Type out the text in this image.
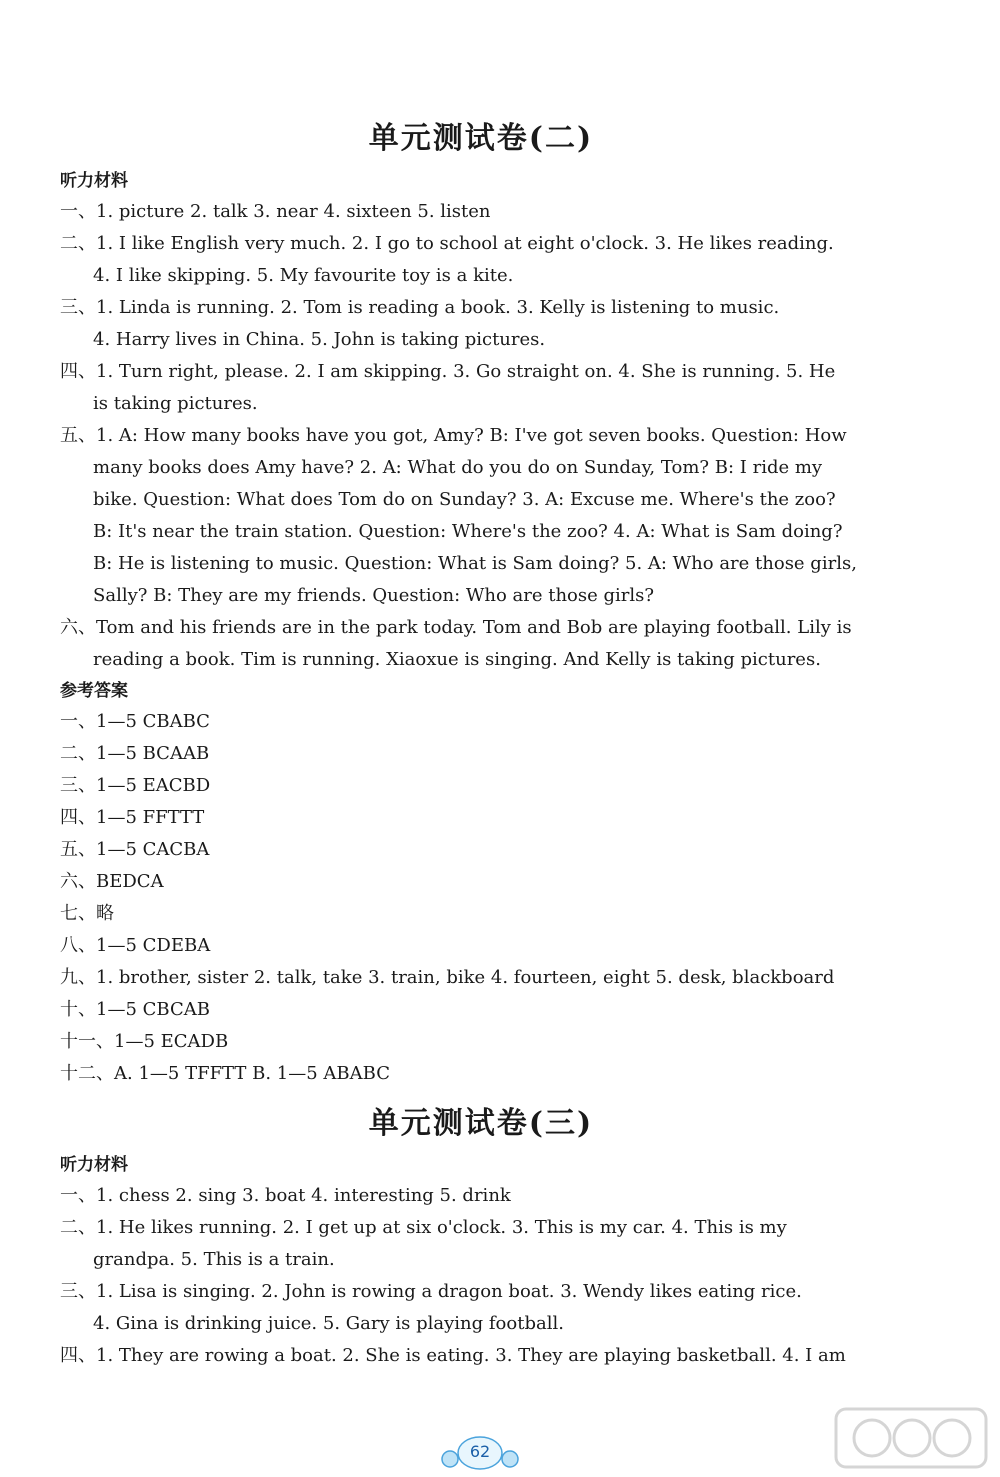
单元测试卷(二)
听力材料
一、1. picture 2. talk 3. near 4. sixteen 5. listen
二、1. I like English very much. 2. I go to school at eight o'clock. 3. He likes reading.
4. I like skipping. 5. My favourite toy is a kite.
三、1. Linda is running. 2. Tom is reading a book. 3. Kelly is listening to music.
4. Harry lives in China. 5. John is taking pictures.
四、1. Turn right, please. 2. I am skipping. 3. Go straight on. 4. She is running. 5. He
is taking pictures.
五、1. A: How many books have you got, Amy? B: I've got seven books. Question: How
many books does Amy have? 2. A: What do you do on Sunday, Tom? B: I ride my
bike. Question: What does Tom do on Sunday? 3. A: Excuse me. Where's the zoo?
B: It's near the train station. Question: Where's the zoo? 4. A: What is Sam doing?
B: He is listening to music. Question: What is Sam doing? 5. A: Who are those girls,
Sally? B: They are my friends. Question: Who are those girls?
六、Tom and his friends are in the park today. Tom and Bob are playing football. Lily is
reading a book. Tim is running. Xiaoxue is singing. And Kelly is taking pictures.
参考答案
一、1—5 CBABC
二、1—5 BCAAB
三、1—5 EACBD
四、1—5 FFTTT
五、1—5 CACBA
六、BEDCA
七、略
八、1—5 CDEBA
九、1. brother, sister 2. talk, take 3. train, bike 4. fourteen, eight 5. desk, blackboard
十、1—5 CBCAB
十一、1—5 ECADB
十二、A. 1—5 TFFTT B. 1—5 ABABC
单元测试卷(三)
听力材料
一、1. chess 2. sing 3. boat 4. interesting 5. drink
二、1. He likes running. 2. I get up at six o'clock. 3. This is my car. 4. This is my
grandpa. 5. This is a train.
三、1. Lisa is singing. 2. John is rowing a dragon boat. 3. Wendy likes eating rice.
4. Gina is drinking juice. 5. Gary is playing football.
四、1. They are rowing a boat. 2. She is eating. 3. They are playing basketball. 4. I am
62
